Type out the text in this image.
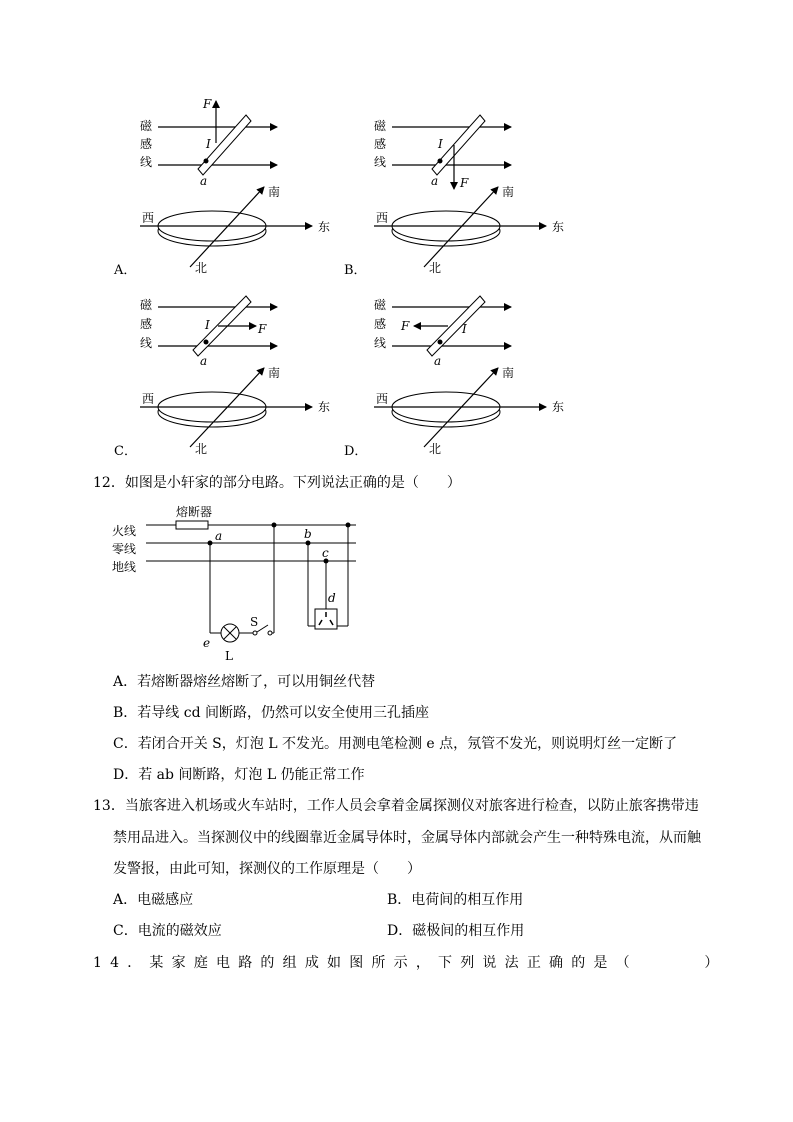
F
磁
感
线
I
a
西
东
南
北
A．
磁
感
线
I
a F
西
东
南
北
B．
磁
感
线
I	F
a
西
东
南
北
C．
磁
感
线
F	I
a
西
东
南
北
D．
12．如图是小轩家的部分电路。下列说法正确的是（　　）
熔断器
火线
零线
地线
a	b
c
d
e
S
L
A．若熔断器熔丝熔断了，可以用铜丝代替
B．若导线 cd 间断路，仍然可以安全使用三孔插座
C．若闭合开关 S，灯泡 L 不发光。用测电笔检测 e 点，氖管不发光，则说明灯丝一定断了
D．若 ab 间断路，灯泡 L 仍能正常工作
13．当旅客进入机场或火车站时，工作人员会拿着金属探测仪对旅客进行检查，以防止旅客携带违
禁用品进入。当探测仪中的线圈靠近金属导体时，金属导体内部就会产生一种特殊电流，从而触
发警报，由此可知，探测仪的工作原理是（　　）
A．电磁感应	B．电荷间的相互作用
C．电流的磁效应	D．磁极间的相互作用
14．某家庭电路的组成如图所示，下列说法正确的是（　　　）
